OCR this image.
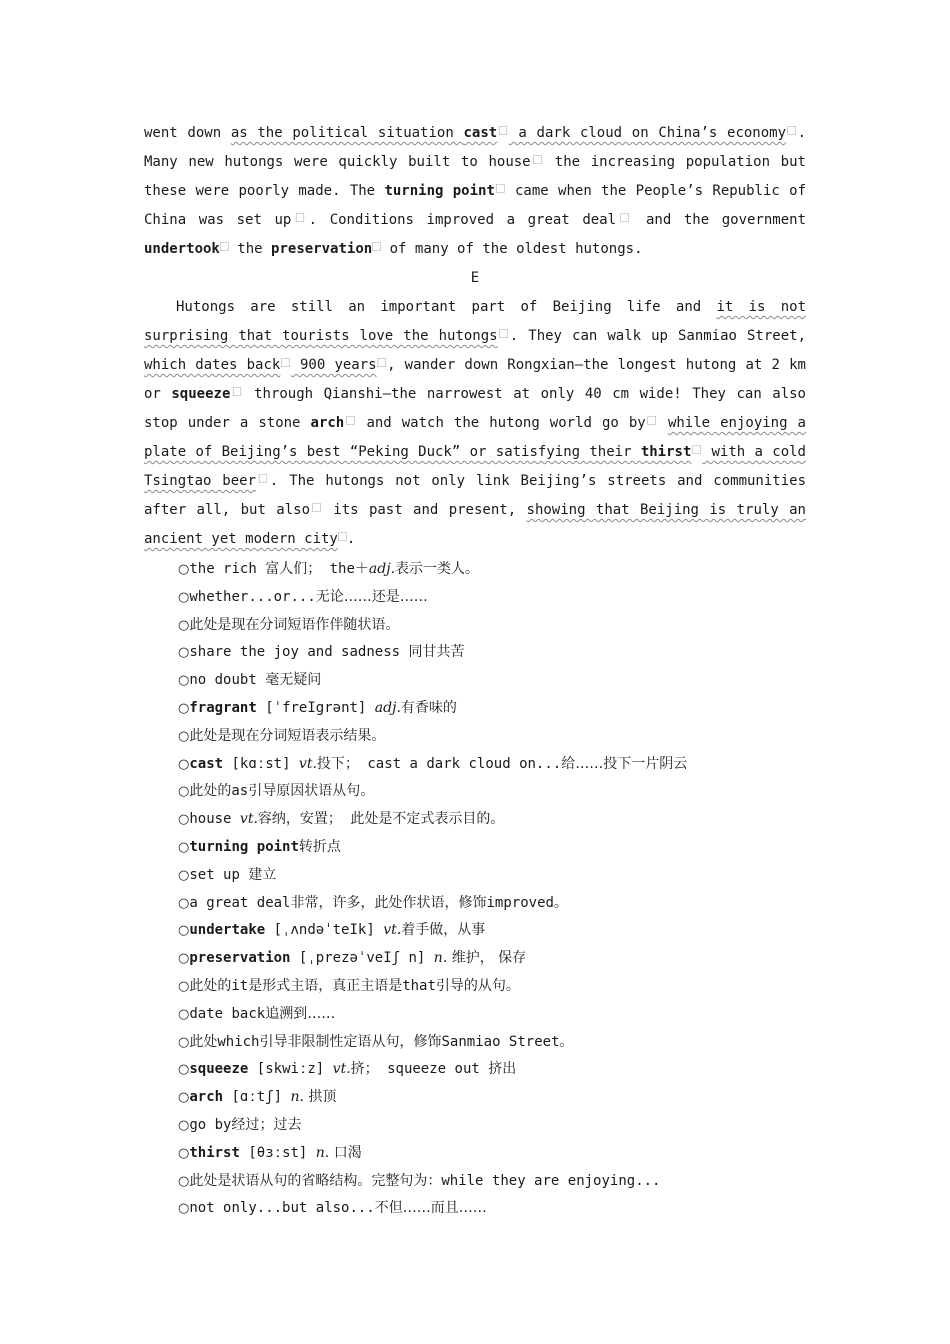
went down as the political situation cast⃞ a dark cloud on China’s economy⃞. Many new hutongs were quickly built to house⃞ the increasing population but these were poorly made. The turning point⃞ came when the People’s Republic of China was set up⃞. Conditions improved a great deal⃞ and the government undertook⃞ the preservation⃞ of many of the oldest hutongs.

E

Hutongs are still an important part of Beijing life and it is not surprising that tourists love the hutongs⃞. They can walk up Sanmiao Street, which dates back⃞ 900 years⃞, wander down Rongxian—the longest hutong at 2 km or squeeze⃞ through Qianshi—the narrowest at only 40 cm wide! They can also stop under a stone arch⃞ and watch the hutong world go by⃞ while enjoying a plate of Beijing’s best “Peking Duck” or satisfying their thirst⃞ with a cold Tsingtao beer⃞. The hutongs not only link Beijing’s streets and communities after all, but also⃞ its past and present, showing that Beijing is truly an ancient yet modern city⃞.

○the rich 富人们； the＋adj.表示一类人。
○whether...or...无论……还是……
○此处是现在分词短语作伴随状语。
○share the joy and sadness 同甘共苦
○no doubt 毫无疑问
○fragrant [ˈfreIgrənt] adj.有香味的
○此处是现在分词短语表示结果。
○cast [kɑːst] vt.投下； cast a dark cloud on...给……投下一片阴云
○此处的as引导原因状语从句。
○house vt.容纳，安置； 此处是不定式表示目的。
○turning point转折点
○set up 建立
○a great deal非常，许多，此处作状语，修饰improved。
○undertake [ˌʌndəˈteIk] vt.着手做，从事
○preservation [ˌprezəˈveIʃ n] n. 维护， 保存
○此处的it是形式主语，真正主语是that引导的从句。
○date back追溯到……
○此处which引导非限制性定语从句，修饰Sanmiao Street。
○squeeze [skwiːz] vt.挤； squeeze out 挤出
○arch [ɑːtʃ] n. 拱顶
○go by经过；过去
○thirst [θɜːst] n. 口渴
○此处是状语从句的省略结构。完整句为：while they are enjoying...
○not only...but also...不但……而且……
